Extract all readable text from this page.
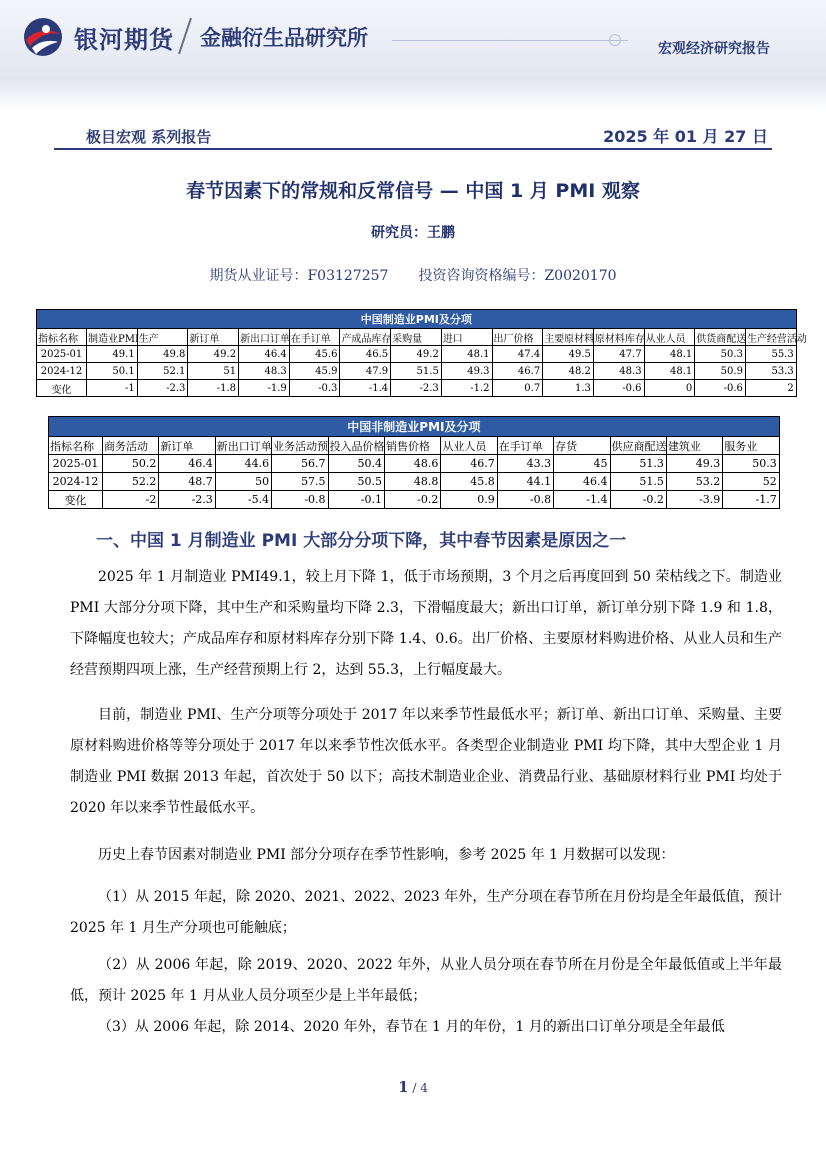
银河期货 金融衍生品研究所	宏观经济研究报告
极目宏观 系列报告	2025 年 01 月 27 日
春节因素下的常规和反常信号 — 中国 1 月 PMI 观察
研究员：王鹏
期货从业证号：F03127257 投资咨询资格编号：Z0020170
中国制造业PMI及分项														
指标名称	制造业PMI	生产	新订单	新出口订单	在手订单	产成品库存	采购量	进口	出厂价格	主要原材料	原材料库存	从业人员	供货商配送	生产经营活动
2025-01	49.1	49.8	49.2	46.4	45.6	46.5	49.2	48.1	47.4	49.5	47.7	48.1	50.3	55.3
2024-12	50.1	52.1	51	48.3	45.9	47.9	51.5	49.3	46.7	48.2	48.3	48.1	50.9	53.3
变化	-1	-2.3	-1.8	-1.9	-0.3	-1.4	-2.3	-1.2	0.7	1.3	-0.6	0	-0.6	2
中国非制造业PMI及分项												
指标名称	商务活动	新订单	新出口订单	业务活动预	投入品价格	销售价格	从业人员	在手订单	存货	供应商配送	建筑业	服务业
2025-01	50.2	46.4	44.6	56.7	50.4	48.6	46.7	43.3	45	51.3	49.3	50.3
2024-12	52.2	48.7	50	57.5	50.5	48.8	45.8	44.1	46.4	51.5	53.2	52
变化	-2	-2.3	-5.4	-0.8	-0.1	-0.2	0.9	-0.8	-1.4	-0.2	-3.9	-1.7
一、中国 1 月制造业 PMI 大部分分项下降，其中春节因素是原因之一

2025 年 1 月制造业 PMI49.1，较上月下降 1，低于市场预期，3 个月之后再度回到 50 荣枯线之下。制造业 PMI 大部分分项下降，其中生产和采购量均下降 2.3，下滑幅度最大；新出口订单，新订单分别下降 1.9 和 1.8，下降幅度也较大；产成品库存和原材料库存分别下降 1.4、0.6。出厂价格、主要原材料购进价格、从业人员和生产经营预期四项上涨，生产经营预期上行 2，达到 55.3，上行幅度最大。

目前，制造业 PMI、生产分项等分项处于 2017 年以来季节性最低水平；新订单、新出口订单、采购量、主要原材料购进价格等等分项处于 2017 年以来季节性次低水平。各类型企业制造业 PMI 均下降，其中大型企业 1 月制造业 PMI 数据 2013 年起，首次处于 50 以下；高技术制造业企业、消费品行业、基础原材料行业 PMI 均处于 2020 年以来季节性最低水平。

历史上春节因素对制造业 PMI 部分分项存在季节性影响，参考 2025 年 1 月数据可以发现：

（1）从 2015 年起，除 2020、2021、2022、2023 年外，生产分项在春节所在月份均是全年最低值，预计 2025 年 1 月生产分项也可能触底；

（2）从 2006 年起，除 2019、2020、2022 年外，从业人员分项在春节所在月份是全年最低值或上半年最低，预计 2025 年 1 月从业人员分项至少是上半年最低；

（3）从 2006 年起，除 2014、2020 年外，春节在 1 月的年份，1 月的新出口订单分项是全年最低

1 / 4
